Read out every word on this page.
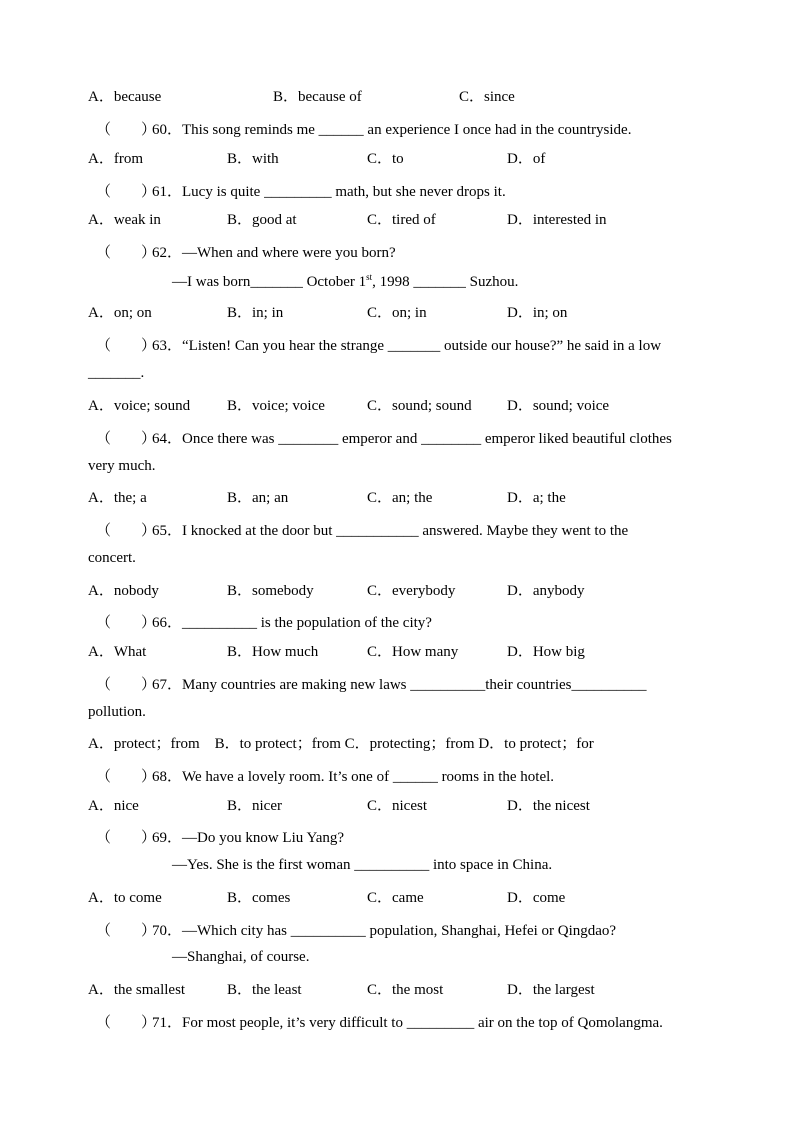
A．because	B．because of	C．since
（　　）
60．This song reminds me ______ an experience I once had in the countryside.
A．from	B．with	C．to	D．of
（　　）
61．Lucy is quite _________ math, but she never drops it.
A．weak in	B．good at	C．tired of	D．interested in
（　　）
62．—When and where were you born?
—I was born_______ October 1st, 1998 _______ Suzhou.
A．on; on	B．in; in	C．on; in	D．in; on
（　　）
63．“Listen! Can you hear the strange _______ outside our house?” he said in a low
_______.
A．voice; sound B．voice; voice	C．sound; sound D．sound; voice
（　　）
64．Once there was ________ emperor and ________ emperor liked beautiful clothes
very much.
A．the; a	B．an; an	C．an; the	D．a; the
（　　）
65．I knocked at the door but ___________ answered. Maybe they went to the
concert.
A．nobody	B．somebody	C．everybody	D．anybody
（　　）
66．__________ is the population of the city?
A．What	B．How much	C．How many	D．How big
（　　）
67．Many countries are making new laws __________their countries__________
pollution.
A．protect；from　B．to protect；from C．protecting；from D．to protect；for
（　　）
68．We have a lovely room. It’s one of ______ rooms in the hotel.
A．nice	B．nicer	C．nicest	D．the nicest
（　　）
69．—Do you know Liu Yang?
—Yes. She is the first woman __________ into space in China.
A．to come	B．comes	C．came	D．come
（　　）
70．—Which city has __________ population, Shanghai, Hefei or Qingdao?
—Shanghai, of course.
A．the smallest	B．the least	C．the most	D．the largest
（　　）
71．For most people, it’s very difficult to _________ air on the top of Qomolangma.
